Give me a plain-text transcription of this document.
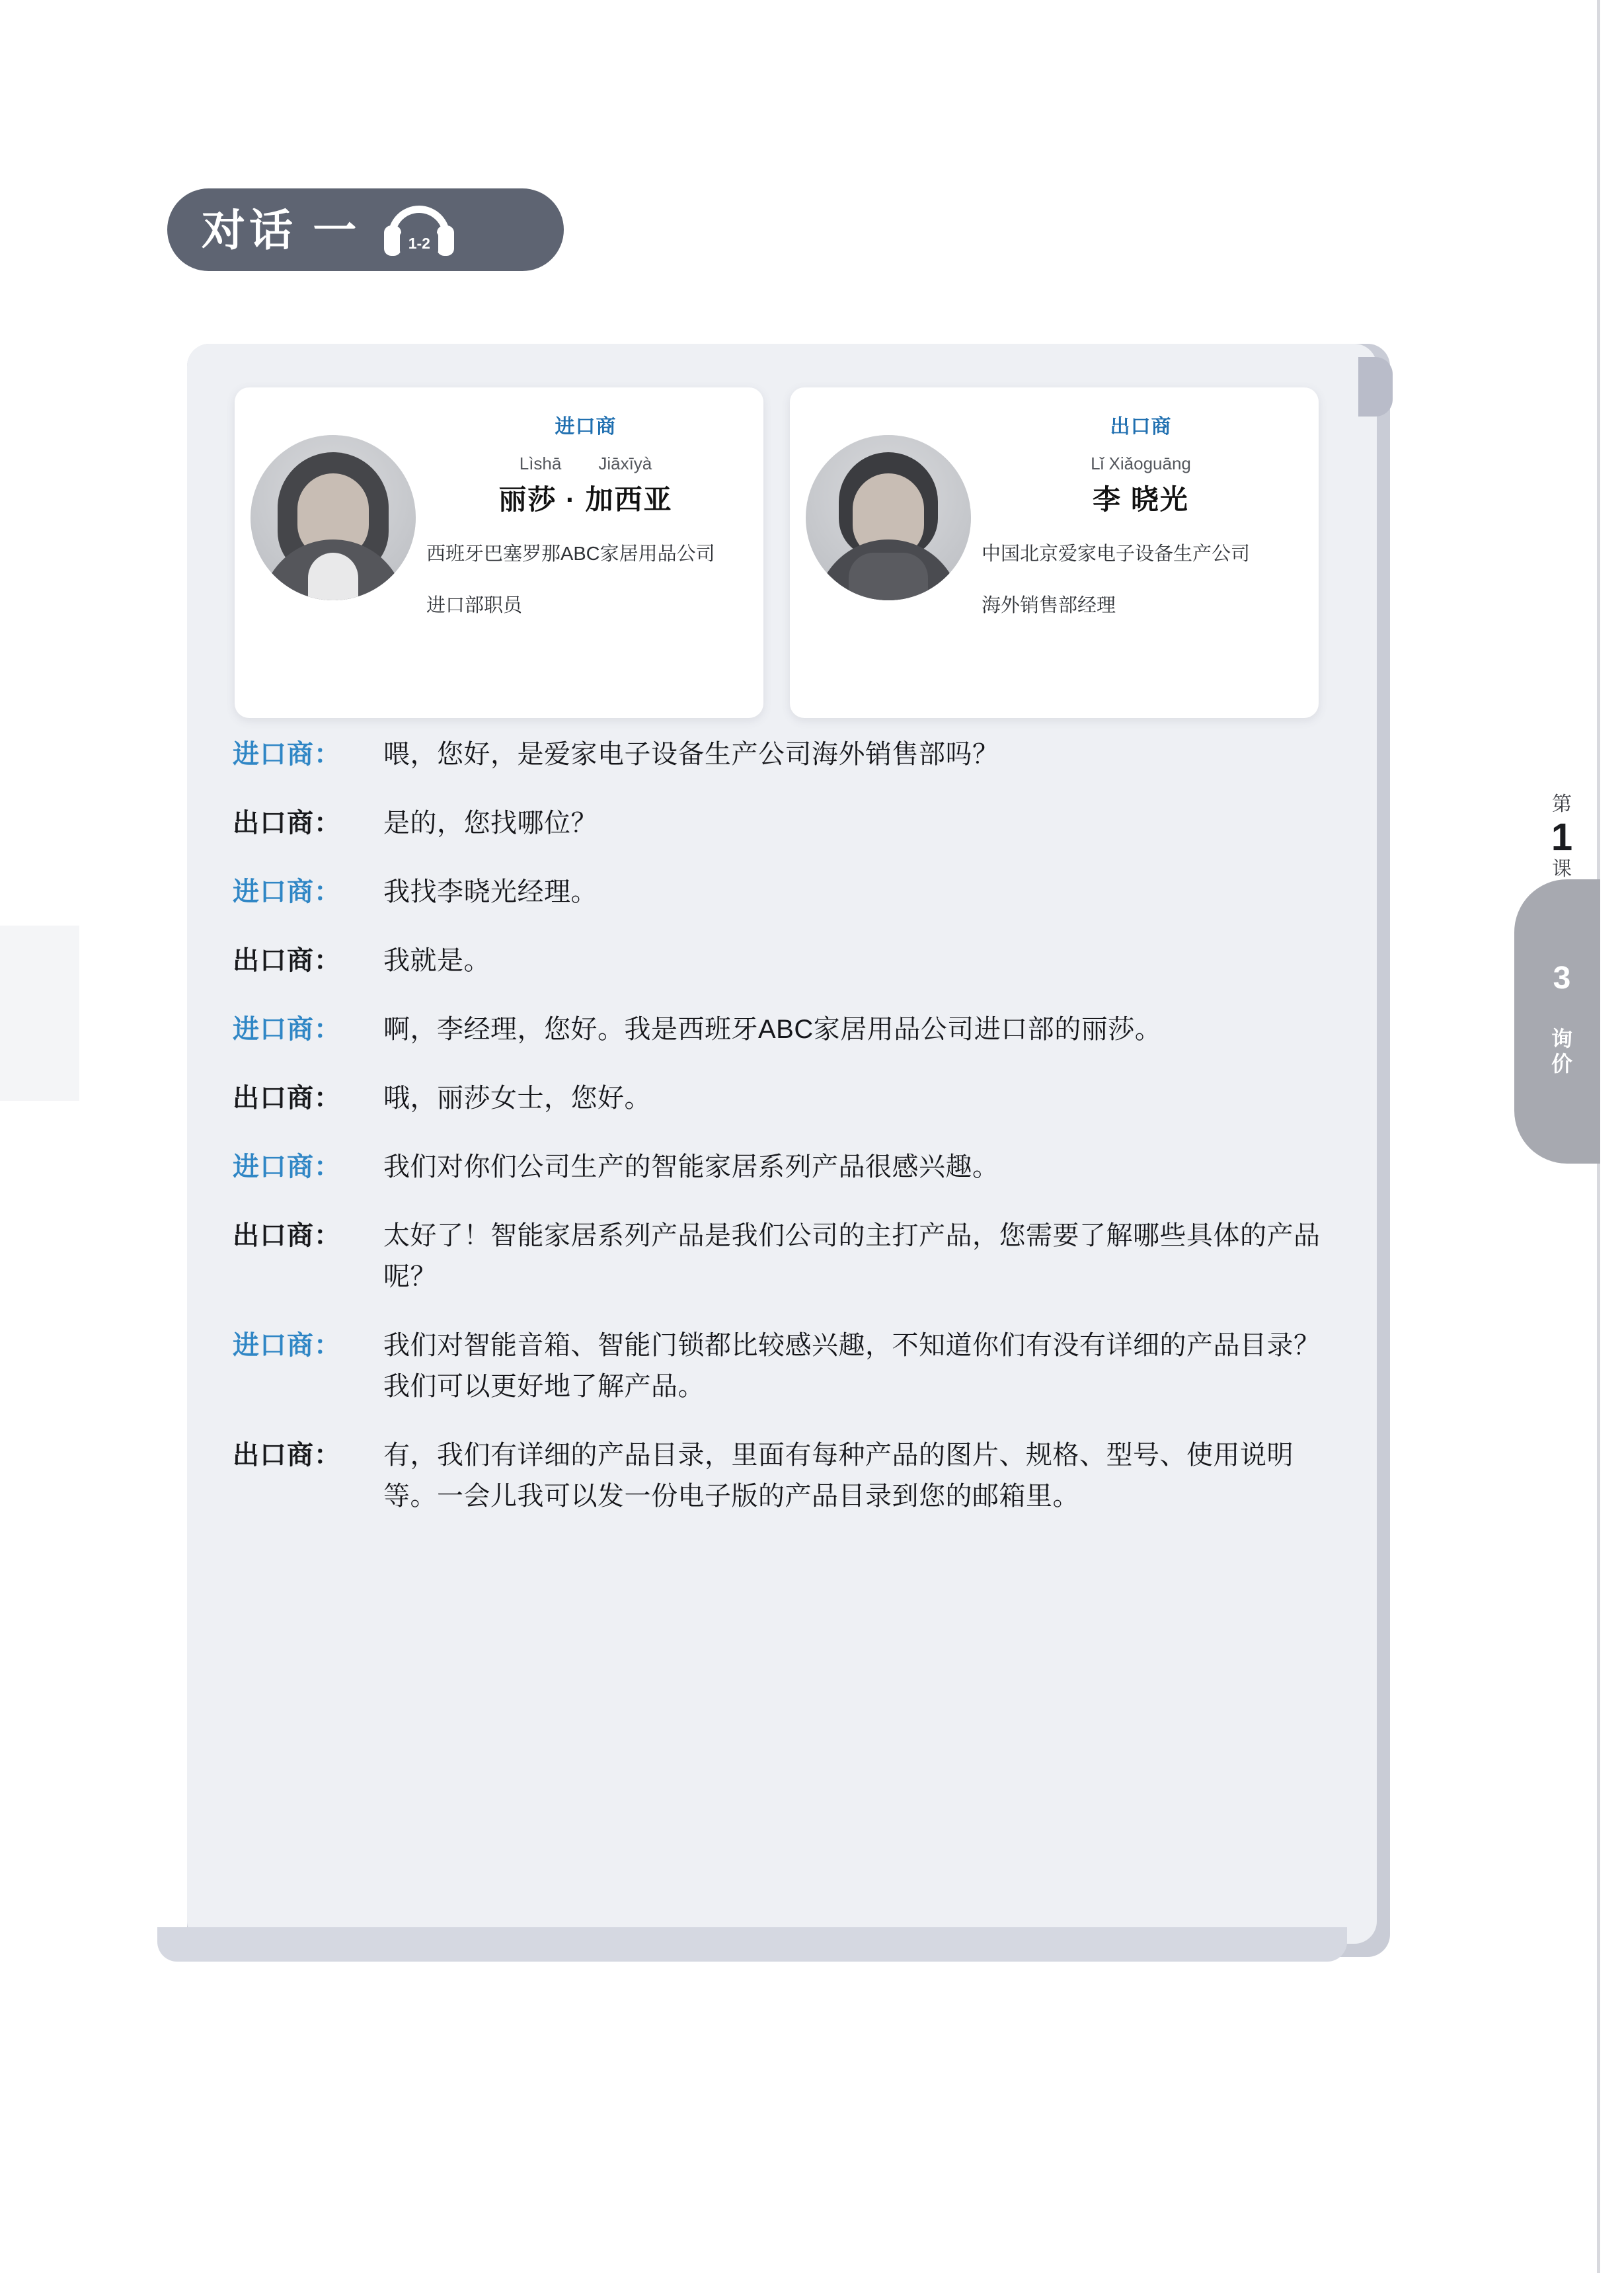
对话 一	1-2
进口商
Lìshā Jiāxīyà
丽莎 · 加西亚
西班牙巴塞罗那ABC家居用品公司
进口部职员
出口商
Lǐ Xiǎoguāng
李 晓光
中国北京爱家电子设备生产公司
海外销售部经理
进口商：	喂，您好，是爱家电子设备生产公司海外销售部吗？
出口商：	是的，您找哪位？
进口商：	我找李晓光经理。
出口商：	我就是。
进口商：	啊，李经理，您好。我是西班牙ABC家居用品公司进口部的丽莎。
出口商：	哦，丽莎女士，您好。
进口商：	我们对你们公司生产的智能家居系列产品很感兴趣。
出口商：	太好了！智能家居系列产品是我们公司的主打产品，您需要了解哪些具体的产品呢？
进口商：	我们对智能音箱、智能门锁都比较感兴趣，不知道你们有没有详细的产品目录？我们可以更好地了解产品。
出口商：	有，我们有详细的产品目录，里面有每种产品的图片、规格、型号、使用说明等。一会儿我可以发一份电子版的产品目录到您的邮箱里。
第
1
课
3
询价
